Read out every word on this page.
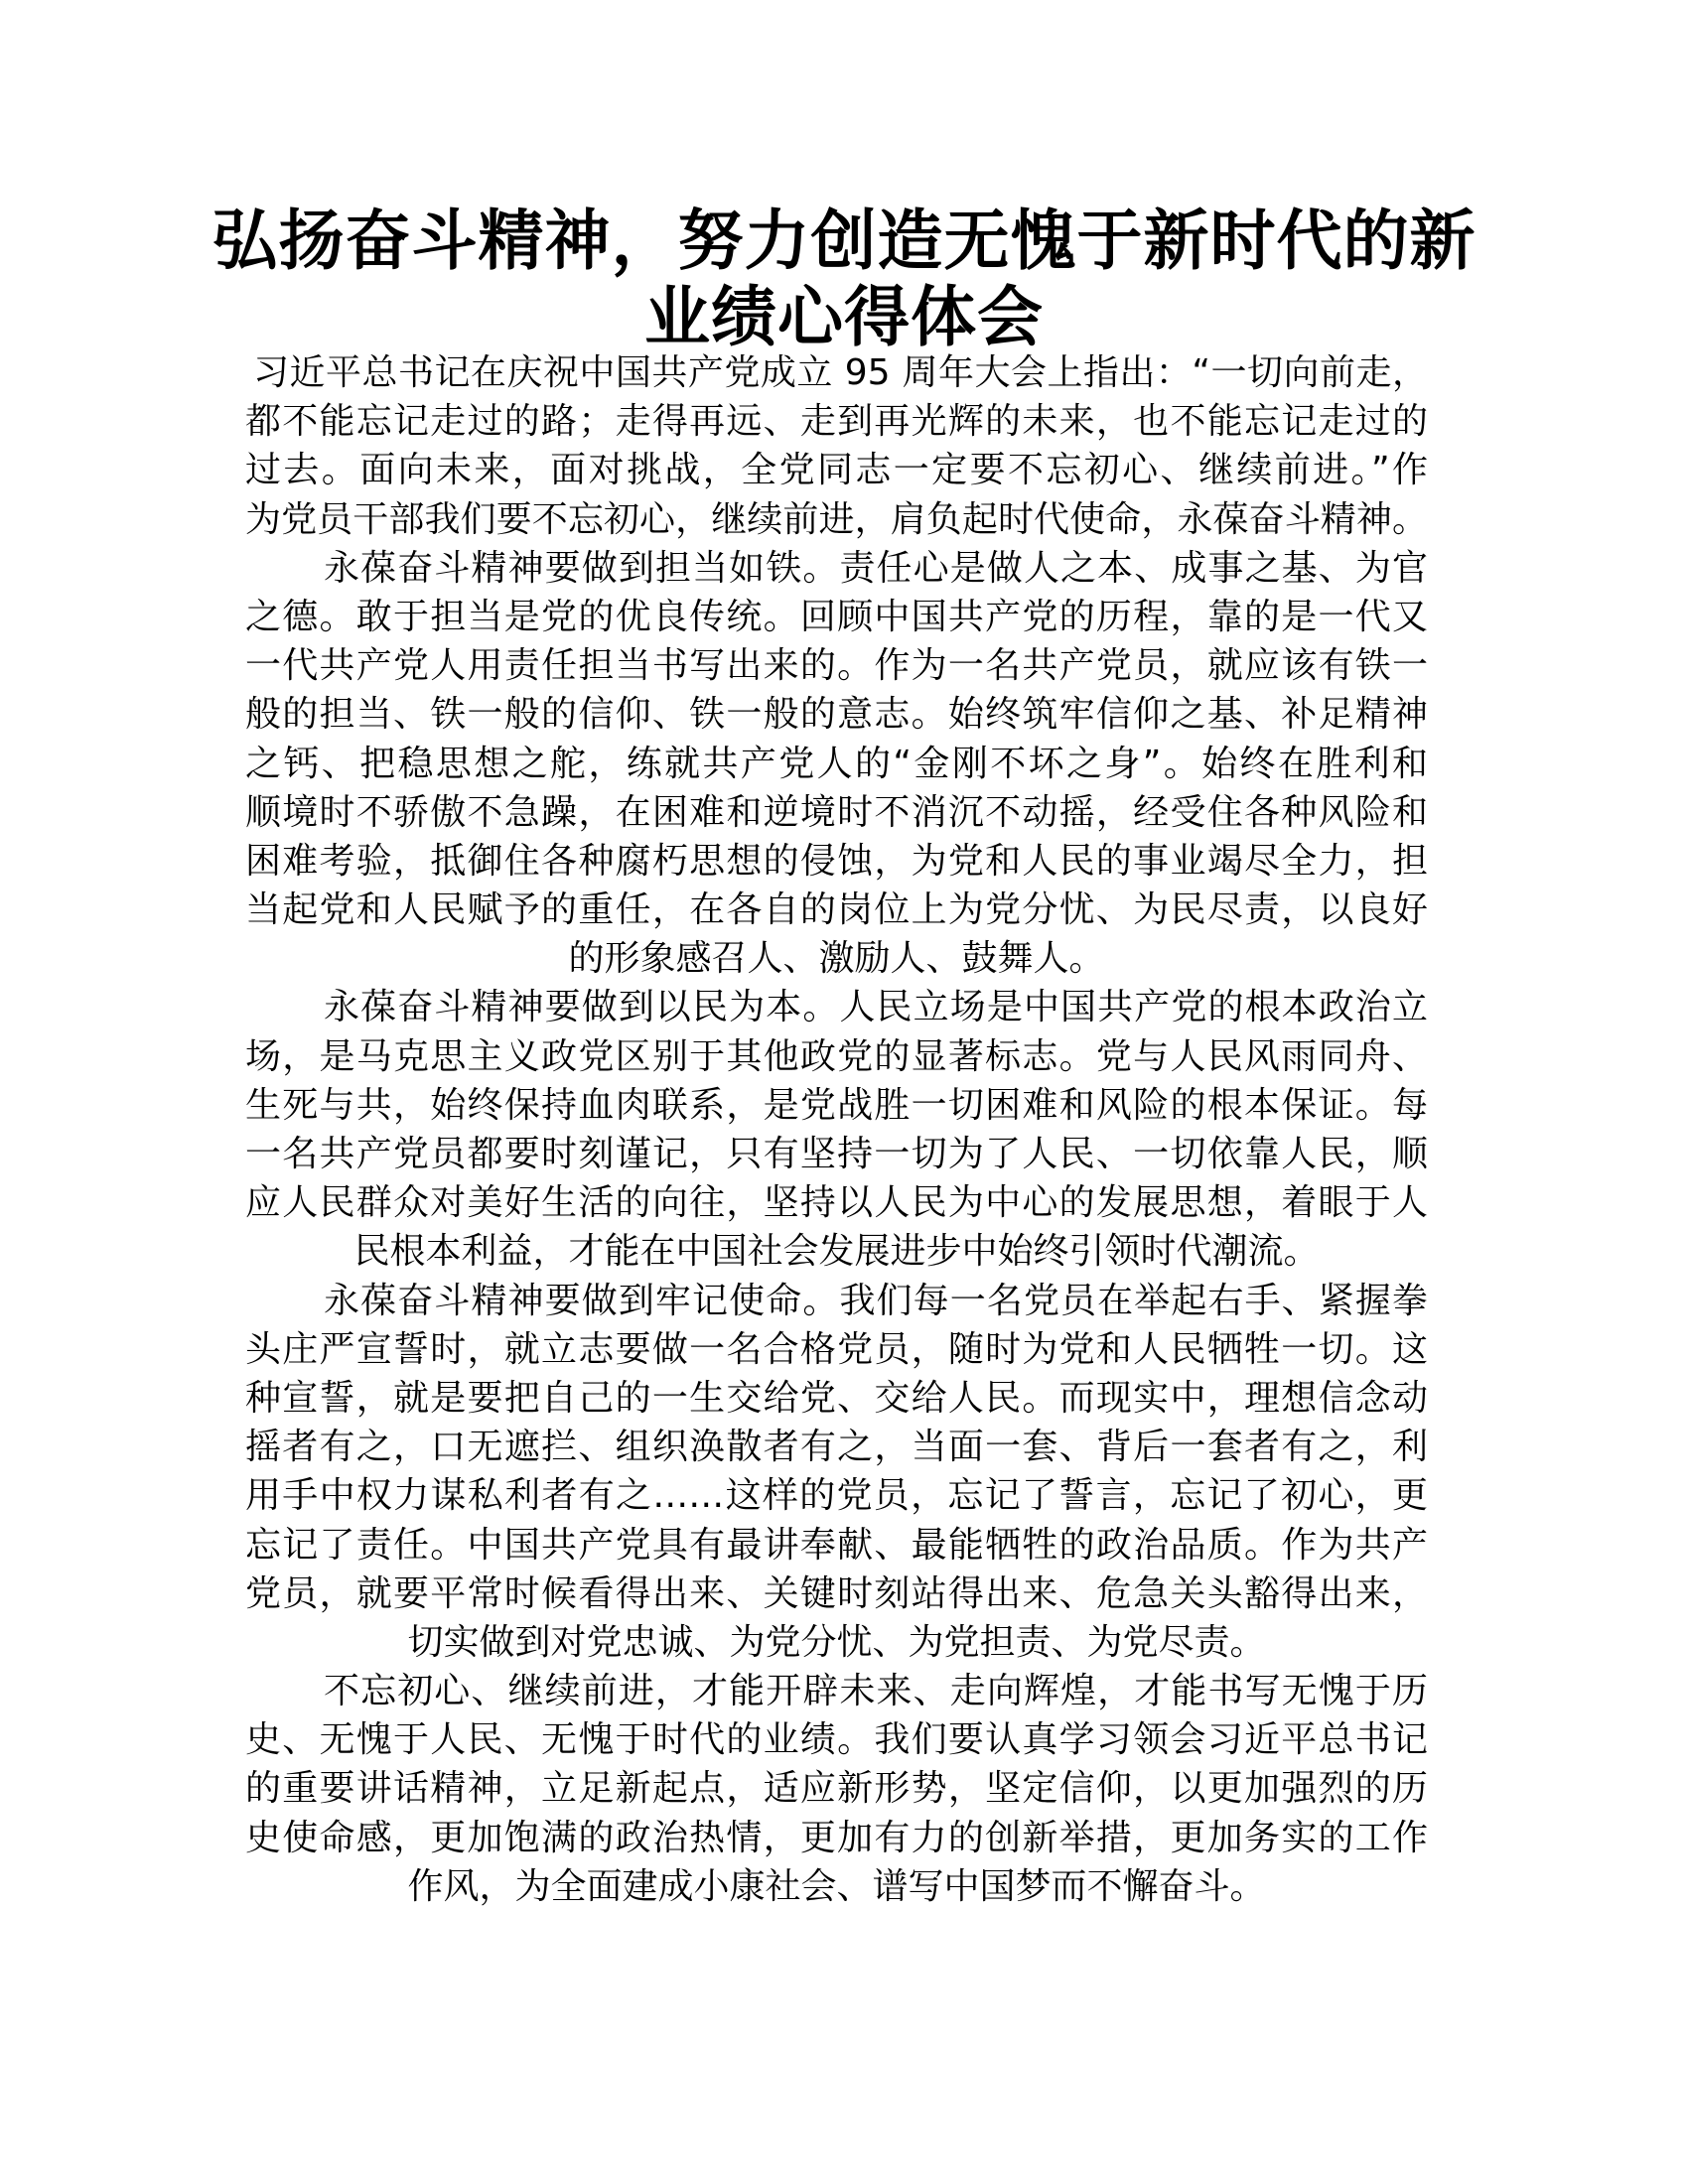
弘扬奋斗精神，努力创造无愧于新时代的新
业绩心得体会
习近平总书记在庆祝中国共产党成立 95 周年大会上指出：“一切向前走，
都不能忘记走过的路；走得再远、走到再光辉的未来，也不能忘记走过的
过去。面向未来，面对挑战，全党同志一定要不忘初心、继续前进。”作
为党员干部我们要不忘初心，继续前进，肩负起时代使命，永葆奋斗精神。
永葆奋斗精神要做到担当如铁。责任心是做人之本、成事之基、为官
之德。敢于担当是党的优良传统。回顾中国共产党的历程，靠的是一代又
一代共产党人用责任担当书写出来的。作为一名共产党员，就应该有铁一
般的担当、铁一般的信仰、铁一般的意志。始终筑牢信仰之基、补足精神
之钙、把稳思想之舵，练就共产党人的“金刚不坏之身”。始终在胜利和
顺境时不骄傲不急躁，在困难和逆境时不消沉不动摇，经受住各种风险和
困难考验，抵御住各种腐朽思想的侵蚀，为党和人民的事业竭尽全力，担
当起党和人民赋予的重任，在各自的岗位上为党分忧、为民尽责，以良好
的形象感召人、激励人、鼓舞人。
永葆奋斗精神要做到以民为本。人民立场是中国共产党的根本政治立
场，是马克思主义政党区别于其他政党的显著标志。党与人民风雨同舟、
生死与共，始终保持血肉联系，是党战胜一切困难和风险的根本保证。每
一名共产党员都要时刻谨记，只有坚持一切为了人民、一切依靠人民，顺
应人民群众对美好生活的向往，坚持以人民为中心的发展思想，着眼于人
民根本利益，才能在中国社会发展进步中始终引领时代潮流。
永葆奋斗精神要做到牢记使命。我们每一名党员在举起右手、紧握拳
头庄严宣誓时，就立志要做一名合格党员，随时为党和人民牺牲一切。这
种宣誓，就是要把自己的一生交给党、交给人民。而现实中，理想信念动
摇者有之，口无遮拦、组织涣散者有之，当面一套、背后一套者有之，利
用手中权力谋私利者有之……这样的党员，忘记了誓言，忘记了初心，更
忘记了责任。中国共产党具有最讲奉献、最能牺牲的政治品质。作为共产
党员，就要平常时候看得出来、关键时刻站得出来、危急关头豁得出来，
切实做到对党忠诚、为党分忧、为党担责、为党尽责。
不忘初心、继续前进，才能开辟未来、走向辉煌，才能书写无愧于历
史、无愧于人民、无愧于时代的业绩。我们要认真学习领会习近平总书记
的重要讲话精神，立足新起点，适应新形势，坚定信仰，以更加强烈的历
史使命感，更加饱满的政治热情，更加有力的创新举措，更加务实的工作
作风，为全面建成小康社会、谱写中国梦而不懈奋斗。
